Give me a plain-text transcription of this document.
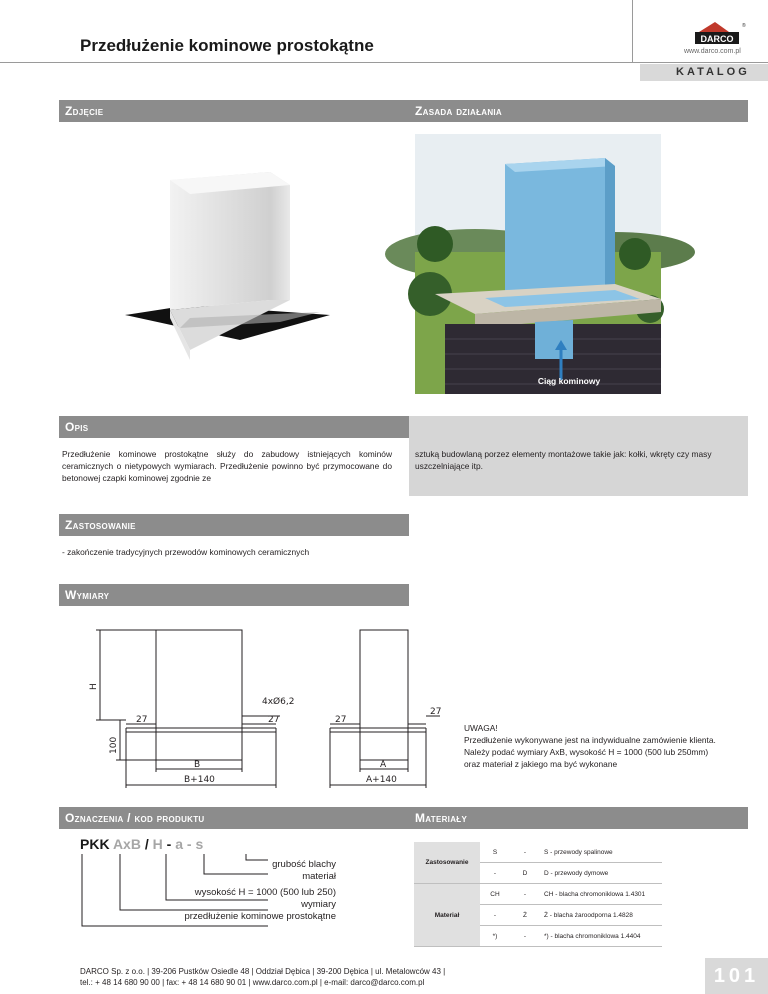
Przedłużenie kominowe prostokątne	DARCO
®
www.darco.com.pl
KATALOG
Zdjęcie	Zasada działania
Ciąg kominowy
Opis
Przedłużenie kominowe prostokątne służy do zabudowy istniejących kominów ceramicznych o nietypowych wymiarach. Przedłużenie powinno być przymocowane do betonowej czapki kominowej zgodnie ze
sztuką budowlaną porzez elementy montażowe takie jak: kołki, wkręty czy masy uszczelniające itp.
Zastosowanie
- zakończenie tradycyjnych przewodów kominowych ceramicznych
Wymiary
H
100
4xØ6,2
27	27	27
27
B
B+140
A
A+140
UWAGA!
Przedłużenie wykonywane jest na indywidualne zamówienie klienta. Należy podać wymiary AxB, wysokość H = 1000 (500 lub 250mm) oraz materiał z jakiego ma być wykonane
Oznaczenia / kod produktu	Materiały
PKK AxB / H - a - s
grubość blachy
materiał
wysokość H = 1000 (500 lub 250)
wymiary
przedłużenie kominowe prostokątne
Zastosowanie	S	-	S - przewody spalinowe
	-	D	D - przewody dymowe
Materiał	CH	-	CH - blacha chromoniklowa 1.4301
	-	Ż	Ż - blacha żaroodporna 1.4828
	*)	-	*) - blacha chromoniklowa 1.4404
DARCO Sp. z o.o. | 39-206 Pustków Osiedle 48 | Oddział Dębica | 39-200 Dębica | ul. Metalowców 43 |
tel.: + 48 14 680 90 00 | fax: + 48 14 680 90 01 | www.darco.com.pl | e-mail: darco@darco.com.pl	101
